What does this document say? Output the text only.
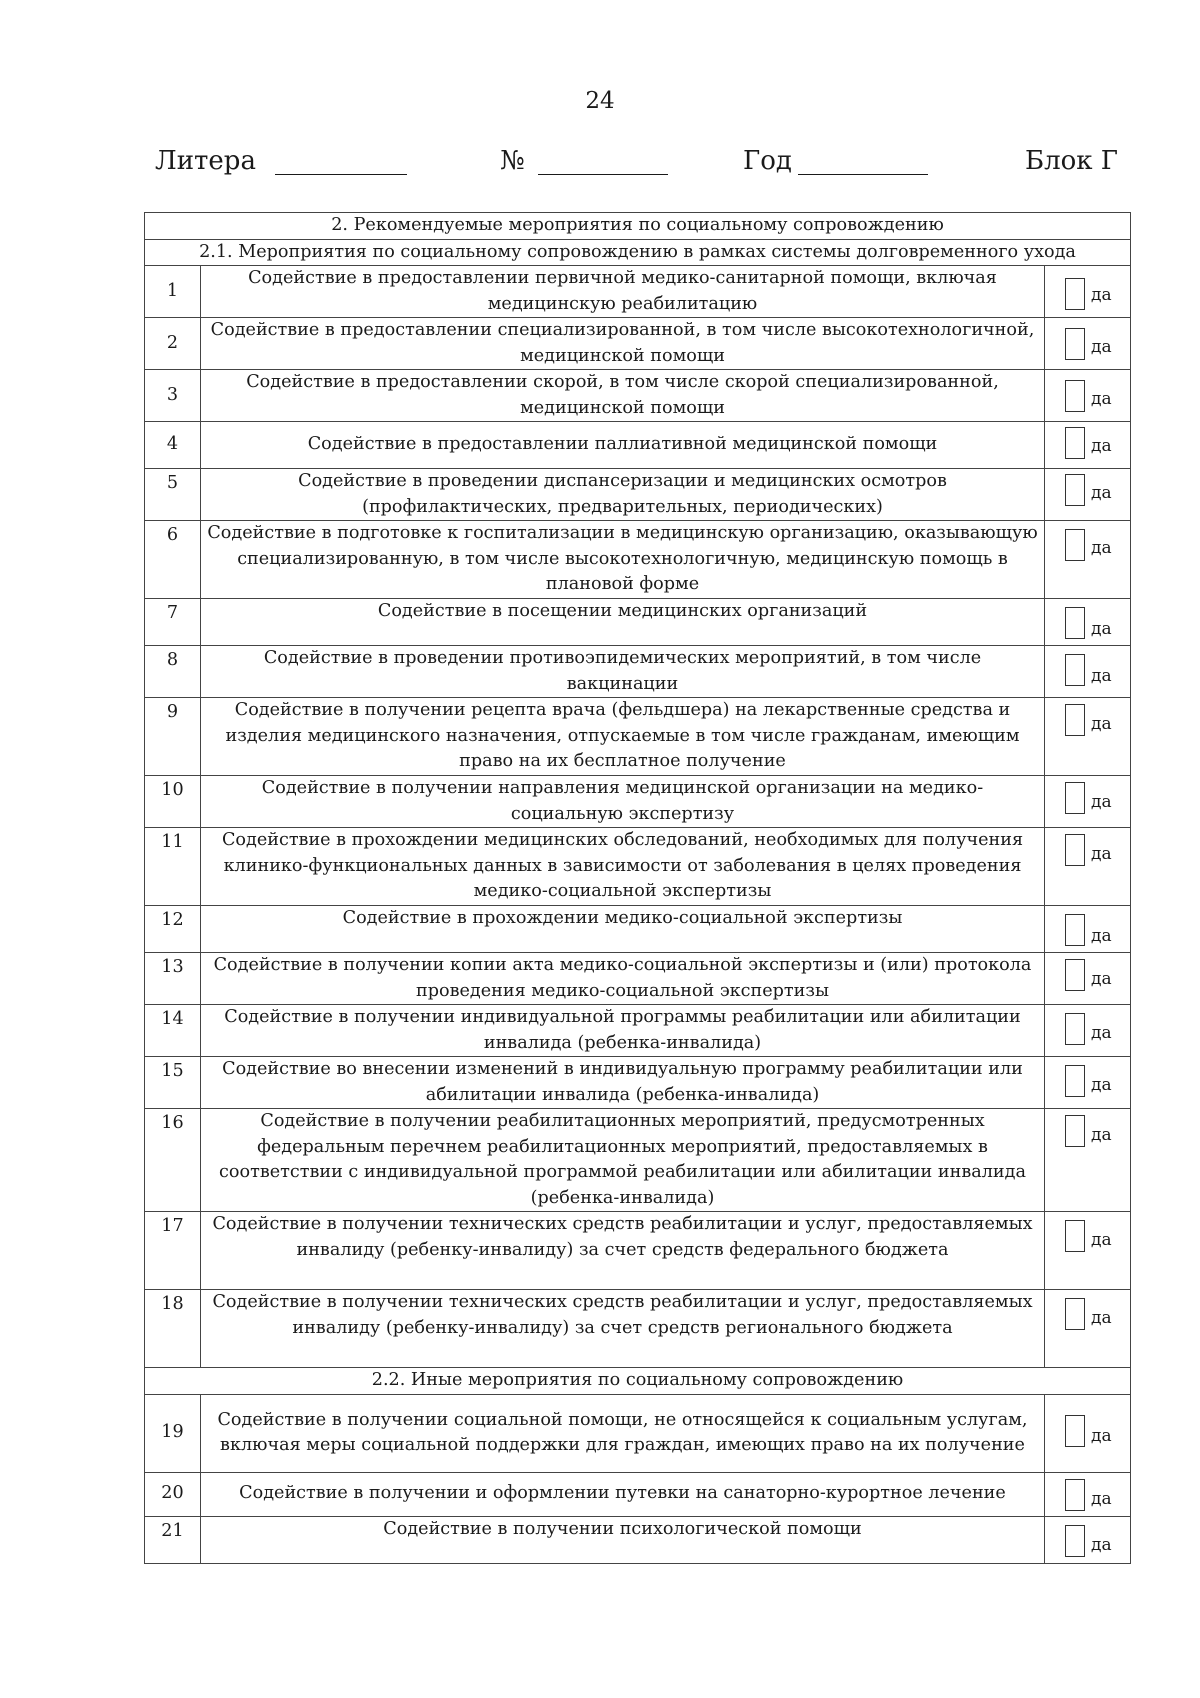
24
Литера	№	Год	Блок Г
2. Рекомендуемые мероприятия по социальному сопровождению		
2.1. Мероприятия по социальному сопровождению в рамках системы долговременного ухода		
1	Содействие в предоставлении первичной медико-санитарной помощи, включая медицинскую реабилитацию	да

2	Содействие в предоставлении специализированной, в том числе высокотехнологичной, медицинской помощи	да

3	Содействие в предоставлении скорой, в том числе скорой специализированной, медицинской помощи	да

4	Содействие в предоставлении паллиативной медицинской помощи	да

5	Содействие в проведении диспансеризации и медицинских осмотров (профилактических, предварительных, периодических)	да

6	Содействие в подготовке к госпитализации в медицинскую организацию, оказывающую специализированную, в том числе высокотехнологичную, медицинскую помощь в плановой форме	да

7	Содействие в посещении медицинских организаций	да

8	Содействие в проведении противоэпидемических мероприятий, в том числе вакцинации	да

9	Содействие в получении рецепта врача (фельдшера) на лекарственные средства и изделия медицинского назначения, отпускаемые в том числе гражданам, имеющим право на их бесплатное получение	да

10	Содействие в получении направления медицинской организации на медико-социальную экспертизу	да

11	Содействие в прохождении медицинских обследований, необходимых для получения клинико-функциональных данных в зависимости от заболевания в целях проведения медико-социальной экспертизы	да

12	Содействие в прохождении медико-социальной экспертизы	да

13	Содействие в получении копии акта медико-социальной экспертизы и (или) протокола проведения медико-социальной экспертизы	да

14	Содействие в получении индивидуальной программы реабилитации или абилитации инвалида (ребенка-инвалида)	да

15	Содействие во внесении изменений в индивидуальную программу реабилитации или абилитации инвалида (ребенка-инвалида)	да

16	Содействие в получении реабилитационных мероприятий, предусмотренных федеральным перечнем реабилитационных мероприятий, предоставляемых в соответствии с индивидуальной программой реабилитации или абилитации инвалида (ребенка-инвалида)	да

17	Содействие в получении технических средств реабилитации и услуг, предоставляемых инвалиду (ребенку-инвалиду) за счет средств федерального бюджета	да

18	Содействие в получении технических средств реабилитации и услуг, предоставляемых инвалиду (ребенку-инвалиду) за счет средств регионального бюджета	да

2.2. Иные мероприятия по социальному сопровождению		
19	Содействие в получении социальной помощи, не относящейся к социальным услугам, включая меры социальной поддержки для граждан, имеющих право на их получение	да

20	Содействие в получении и оформлении путевки на санаторно-курортное лечение	да

21	Содействие в получении психологической помощи	да
